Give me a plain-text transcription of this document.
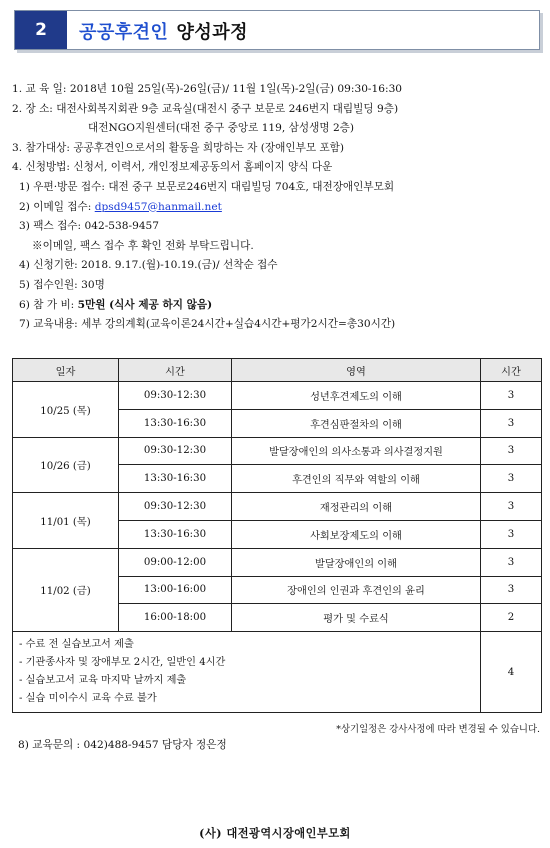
2	공공후견인 양성과정
1. 교 육 일: 2018년 10월 25일(목)-26일(금)/ 11월 1일(목)-2일(금) 09:30-16:30
2. 장 소: 대전사회복지회관 9층 교육실(대전시 중구 보문로 246번지 대림빌딩 9층)
대전NGO지원센터(대전 중구 중앙로 119, 삼성생명 2층)
3. 참가대상: 공공후견인으로서의 활동을 희망하는 자 (장애인부모 포함)
4. 신청방법: 신청서, 이력서, 개인정보제공동의서 홈페이지 양식 다운
1) 우편·방문 접수: 대전 중구 보문로246번지 대림빌딩 704호, 대전장애인부모회
2) 이메일 접수: dpsd9457@hanmail.net
3) 팩스 접수: 042-538-9457
※이메일, 팩스 접수 후 확인 전화 부탁드립니다.
4) 신청기한: 2018. 9.17.(월)-10.19.(금)/ 선착순 접수
5) 접수인원: 30명
6) 참 가 비: 5만원 (식사 제공 하지 않음)
7) 교육내용: 세부 강의계획(교육이론24시간+실습4시간+평가2시간=총30시간)
일자	시간	영역	시간
10/25 (목)	09:30-12:30	성년후견제도의 이해	3
	13:30-16:30	후견심판절차의 이해	3
10/26 (금)	09:30-12:30	발달장애인의 의사소통과 의사결정지원	3
	13:30-16:30	후견인의 직무와 역할의 이해	3
11/01 (목)	09:30-12:30	재정관리의 이해	3
	13:30-16:30	사회보장제도의 이해	3
11/02 (금)	09:00-12:00	발달장애인의 이해	3
	13:00-16:00	장애인의 인권과 후견인의 윤리	3
	16:00-18:00	평가 및 수료식	2

- 수료 전 실습보고서 제출
- 기관종사자 및 장애부모 2시간, 일반인 4시간
- 실습보고서 교육 마지막 날까지 제출
- 실습 미이수시 교육 수료 불가			4
*상기일정은 강사사정에 따라 변경될 수 있습니다.
8) 교육문의 : 042)488-9457 담당자 정은정
(사) 대전광역시장애인부모회
